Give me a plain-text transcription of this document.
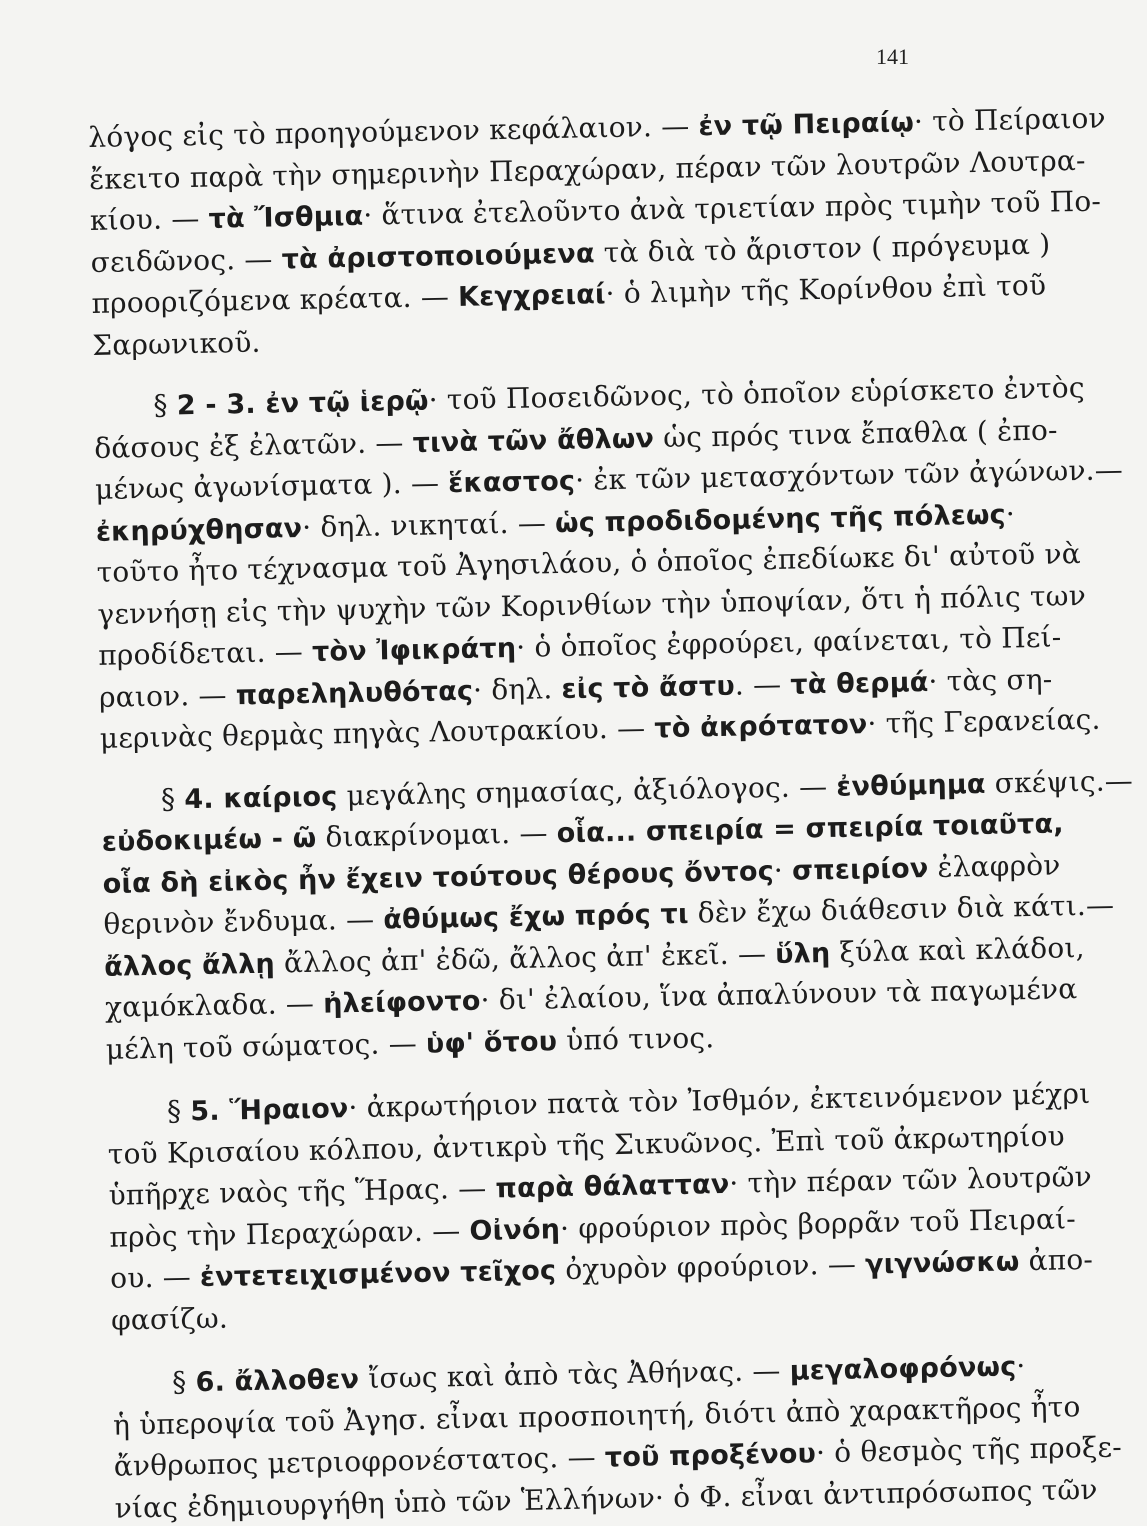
141
λόγος εἰς τὸ προηγούμενον κεφάλαιον. — ἐν τῷ Πειραίῳ· τὸ Πείραιον
ἔκειτο παρὰ τὴν σημερινὴν Περαχώραν, πέραν τῶν λουτρῶν Λουτρα-
κίου. — τὰ Ἴσθμια· ἅτινα ἐτελοῦντο ἀνὰ τριετίαν πρὸς τιμὴν τοῦ Πο-
σειδῶνος. — τὰ ἀριστοποιούμενα τὰ διὰ τὸ ἄριστον ( πρόγευμα )
προοριζόμενα κρέατα. — Κεγχρειαί· ὁ λιμὴν τῆς Κορίνθου ἐπὶ τοῦ
Σαρωνικοῦ.
§ 2 - 3. ἐν τῷ ἱερῷ· τοῦ Ποσειδῶνος, τὸ ὁποῖον εὑρίσκετο ἐντὸς
δάσους ἐξ ἐλατῶν. — τινὰ τῶν ἄθλων ὡς πρός τινα ἔπαθλα ( ἐπο-
μένως ἀγωνίσματα ). — ἕκαστος· ἐκ τῶν μετασχόντων τῶν ἀγώνων.—
ἐκηρύχθησαν· δηλ. νικηταί. — ὡς προδιδομένης τῆς πόλεως·
τοῦτο ἦτο τέχνασμα τοῦ Ἀγησιλάου, ὁ ὁποῖος ἐπεδίωκε δι' αὐτοῦ νὰ
γεννήσῃ εἰς τὴν ψυχὴν τῶν Κορινθίων τὴν ὑποψίαν, ὅτι ἡ πόλις των
προδίδεται. — τὸν Ἰφικράτη· ὁ ὁποῖος ἐφρούρει, φαίνεται, τὸ Πεί-
ραιον. — παρεληλυθότας· δηλ. εἰς τὸ ἄστυ. — τὰ θερμά· τὰς ση-
μερινὰς θερμὰς πηγὰς Λουτρακίου. — τὸ ἀκρότατον· τῆς Γερανείας.
§ 4. καίριος μεγάλης σημασίας, ἀξιόλογος. — ἐνθύμημα σκέψις.—
εὐδοκιμέω - ῶ διακρίνομαι. — οἷα... σπειρία = σπειρία τοιαῦτα,
οἷα δὴ εἰκὸς ἦν ἔχειν τούτους θέρους ὄντος· σπειρίον ἐλαφρὸν
θερινὸν ἔνδυμα. — ἀθύμως ἔχω πρός τι δὲν ἔχω διάθεσιν διὰ κάτι.—
ἄλλος ἄλλῃ ἄλλος ἀπ' ἐδῶ, ἄλλος ἀπ' ἐκεῖ. — ὕλη ξύλα καὶ κλάδοι,
χαμόκλαδα. — ἠλείφοντο· δι' ἐλαίου, ἵνα ἀπαλύνουν τὰ παγωμένα
μέλη τοῦ σώματος. — ὑφ' ὅτου ὑπό τινος.
§ 5. Ἥραιον· ἀκρωτήριον πατὰ τὸν Ἰσθμόν, ἐκτεινόμενον μέχρι
τοῦ Κρισαίου κόλπου, ἀντικρὺ τῆς Σικυῶνος. Ἐπὶ τοῦ ἀκρωτηρίου
ὑπῆρχε ναὸς τῆς Ἥρας. — παρὰ θάλατταν· τὴν πέραν τῶν λουτρῶν
πρὸς τὴν Περαχώραν. — Οἰνόη· φρούριον πρὸς βορρᾶν τοῦ Πειραί-
ου. — ἐντετειχισμένον τεῖχος ὀχυρὸν φρούριον. — γιγνώσκω ἀπο-
φασίζω.
§ 6. ἄλλοθεν ἴσως καὶ ἀπὸ τὰς Ἀθήνας. — μεγαλοφρόνως·
ἡ ὑπεροψία τοῦ Ἀγησ. εἶναι προσποιητή, διότι ἀπὸ χαρακτῆρος ἦτο
ἄνθρωπος μετριοφρονέστατος. — τοῦ προξένου· ὁ θεσμὸς τῆς προξε-
νίας ἐδημιουργήθη ὑπὸ τῶν Ἑλλήνων· ὁ Φ. εἶναι ἀντιπρόσωπος τῶν
